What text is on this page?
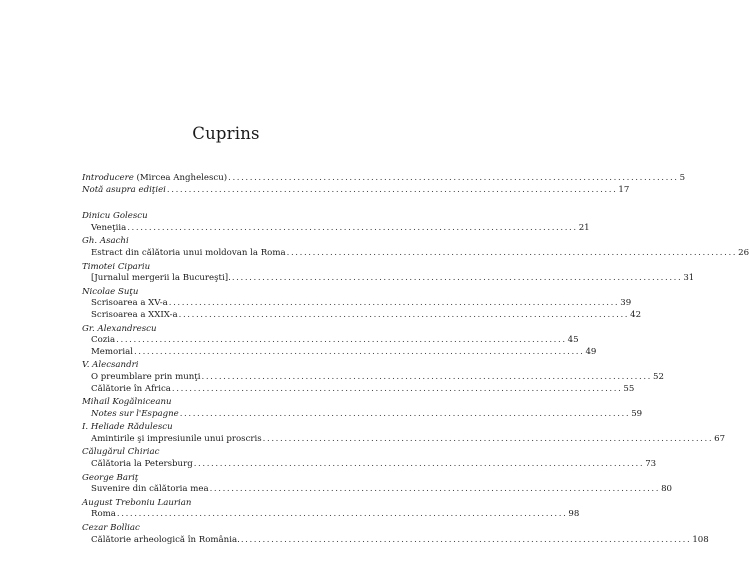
Cuprins
Introducere (Mircea Anghelescu) ........................................................................................................ 5
Notă asupra ediţiei ........................................................................................................ 17
Dinicu Golescu
Veneţiia ........................................................................................................ 21
Gh. Asachi
Estract din călătoria unui moldovan la Roma ........................................................................................................ 26
Timotei Cipariu
[Jurnalul mergerii la Bucureşti]. ........................................................................................................ 31
Nicolae Suţu
Scrisoarea a XV-a ........................................................................................................ 39
Scrisoarea a XXIX-a ........................................................................................................ 42
Gr. Alexandrescu
Cozia ........................................................................................................ 45
Memorial ........................................................................................................ 49
V. Alecsandri
O preumblare prin munţi ........................................................................................................ 52
Călătorie în Africa ........................................................................................................ 55
Mihail Kogălniceanu
Notes sur l'Espagne ........................................................................................................ 59
I. Heliade Rădulescu
Amintirile şi impresiunile unui proscris ........................................................................................................ 67
Călugărul Chiriac
Călătoria la Petersburg ........................................................................................................ 73
George Bariţ
Suvenire din călătoria mea ........................................................................................................ 80
August Treboniu Laurian
Roma ........................................................................................................ 98
Cezar Bolliac
Călătorie arheologică în România. ........................................................................................................ 108
